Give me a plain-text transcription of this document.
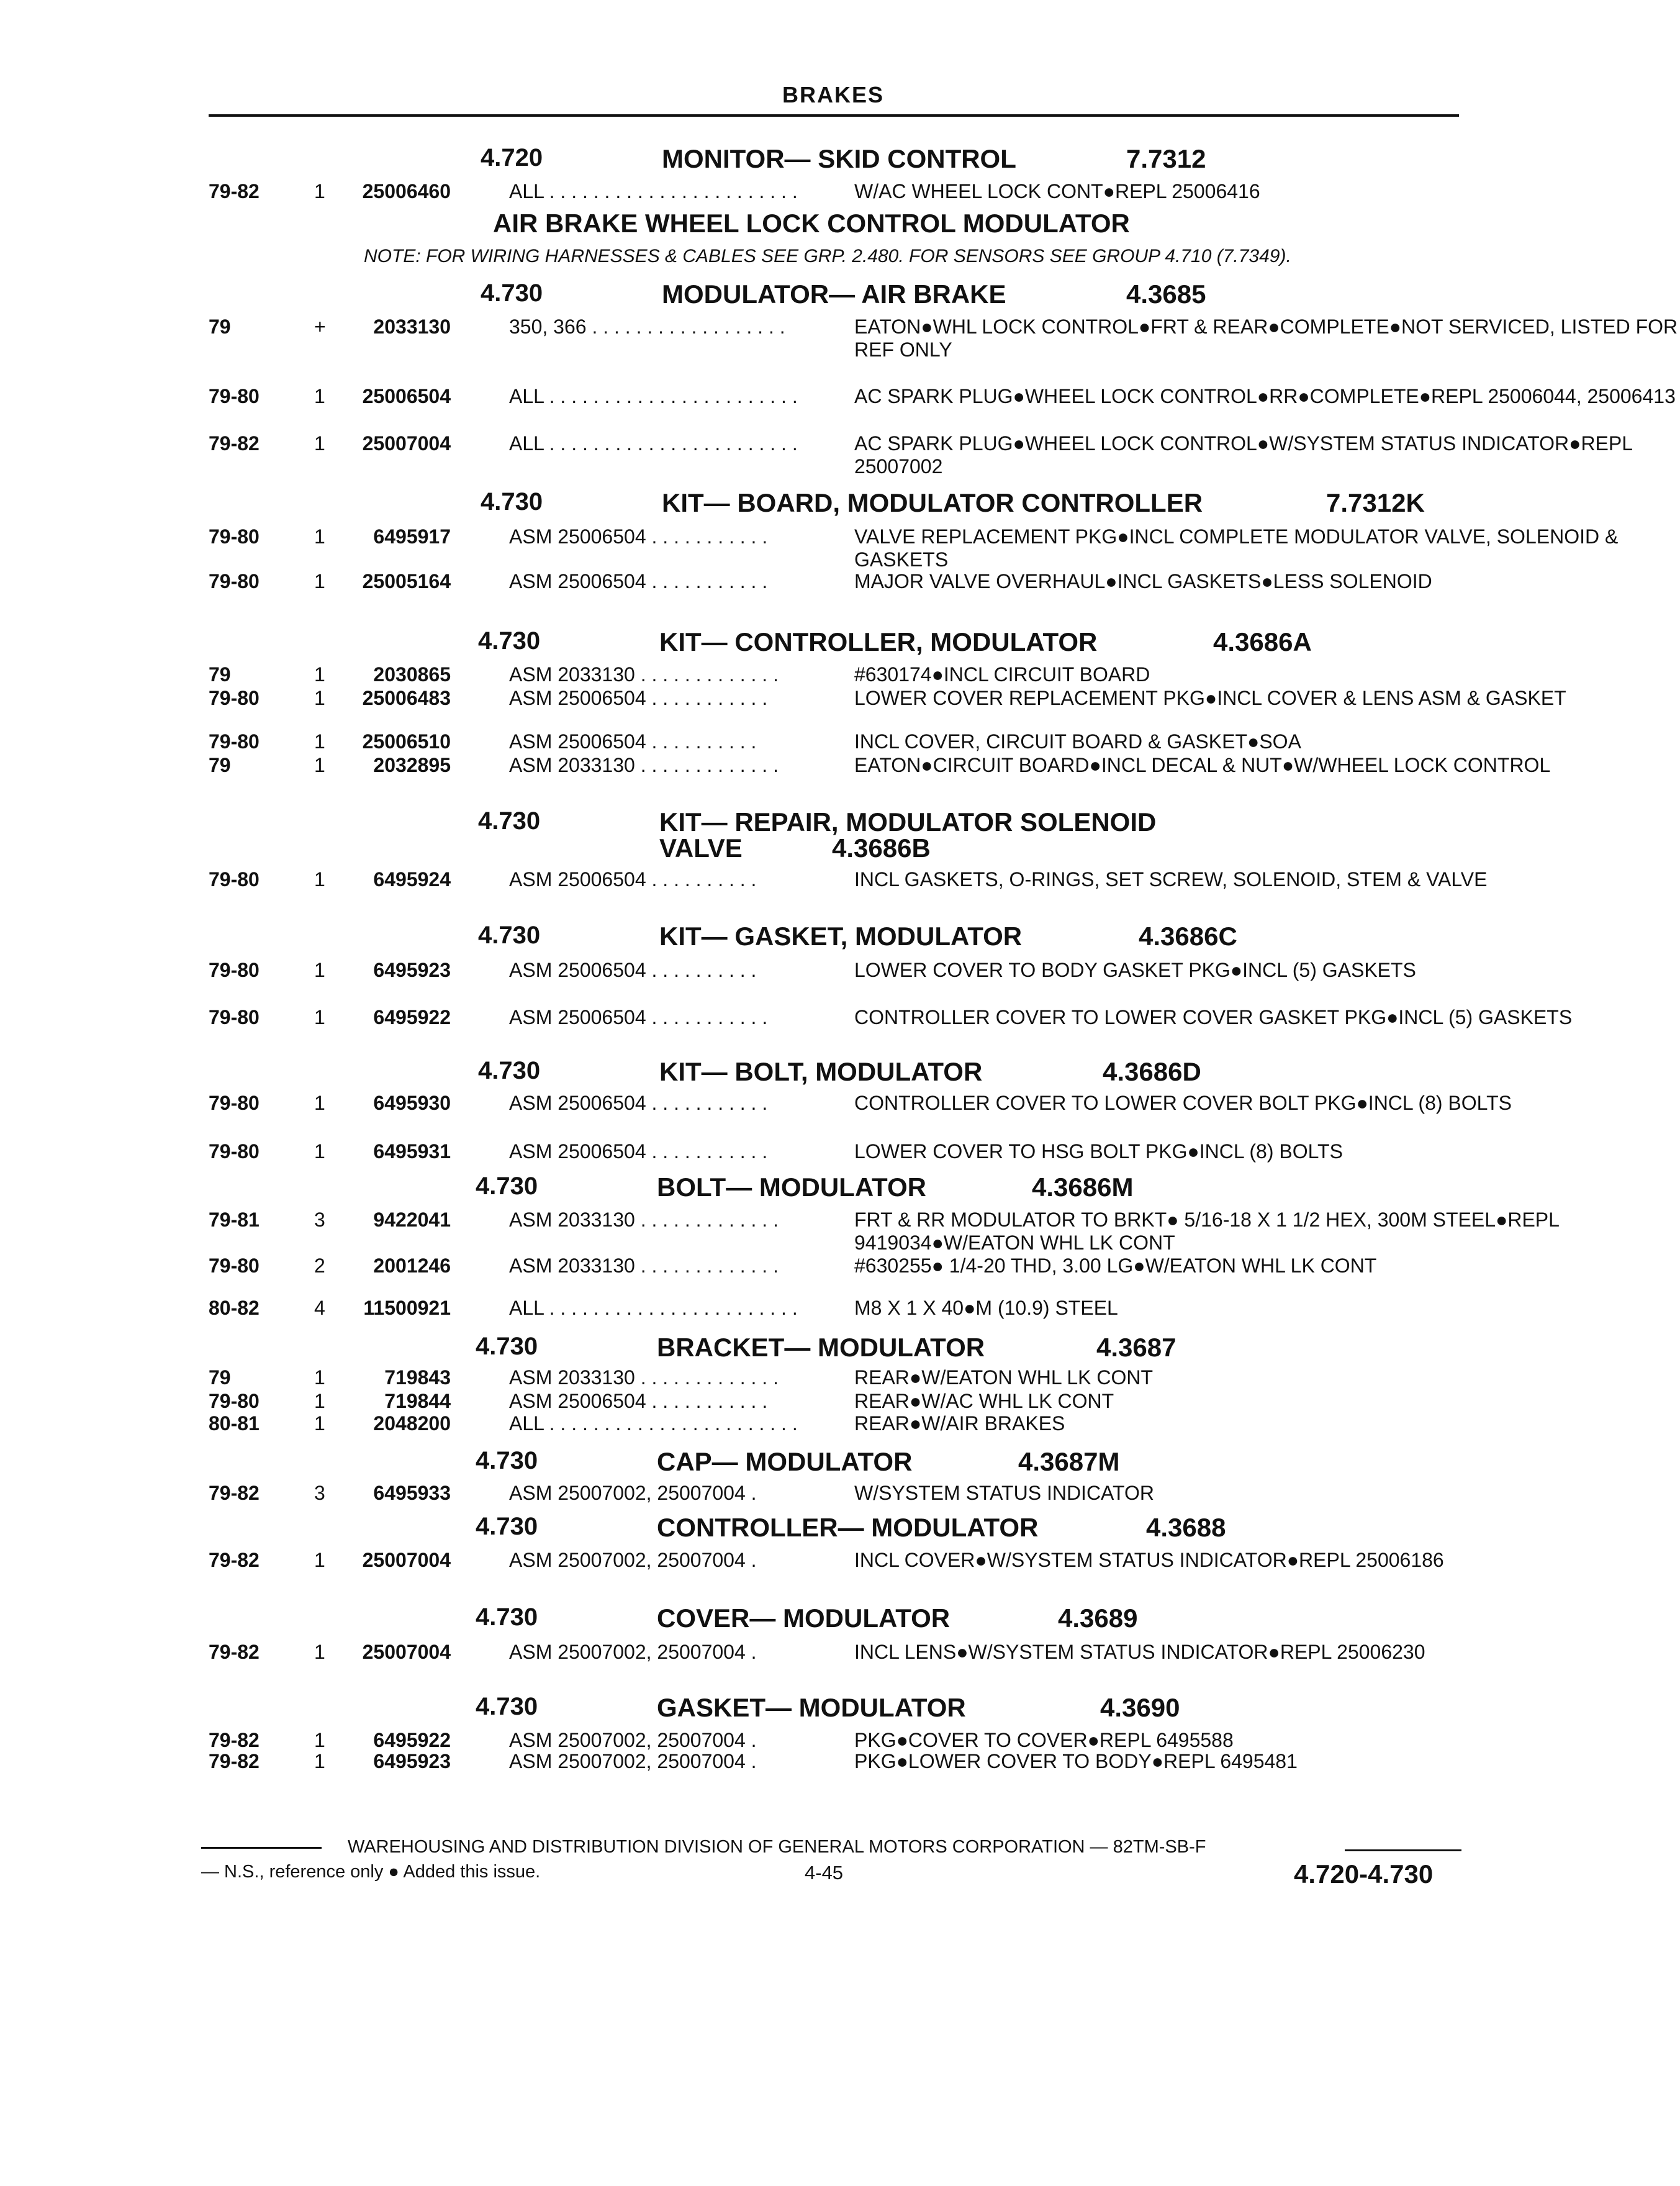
BRAKES
AIR BRAKE WHEEL LOCK CONTROL MODULATOR
NOTE: FOR WIRING HARNESSES & CABLES SEE GRP. 2.480. FOR SENSORS SEE GROUP 4.710 (7.7349).
4.720	MONITOR— SKID CONTROL	7.7312
79-82	1	25006460	ALL . . . . . . . . . . . . . . . . . . . . . . .	W/AC WHEEL LOCK CONT●REPL 25006416
4.730	MODULATOR— AIR BRAKE	4.3685
79	+	2033130	350, 366 . . . . . . . . . . . . . . . . . .	EATON●WHL LOCK CONTROL●FRT & REAR●COMPLETE●NOT SERVICED, LISTED FOR REF ONLY
79-80	1	25006504	ALL . . . . . . . . . . . . . . . . . . . . . . .	AC SPARK PLUG●WHEEL LOCK CONTROL●RR●COMPLETE●REPL 25006044, 25006413
79-82	1	25007004	ALL . . . . . . . . . . . . . . . . . . . . . . .	AC SPARK PLUG●WHEEL LOCK CONTROL●W/SYSTEM STATUS INDICATOR●REPL 25007002
4.730	KIT— BOARD, MODULATOR CONTROLLER	7.7312K
79-80	1	6495917	ASM 25006504 . . . . . . . . . . .	VALVE REPLACEMENT PKG●INCL COMPLETE MODULATOR VALVE, SOLENOID & GASKETS
79-80	1	25005164	ASM 25006504 . . . . . . . . . . .	MAJOR VALVE OVERHAUL●INCL GASKETS●LESS SOLENOID
4.730	KIT— CONTROLLER, MODULATOR	4.3686A
79	1	2030865	ASM 2033130 . . . . . . . . . . . . .	#630174●INCL CIRCUIT BOARD
79-80	1	25006483	ASM 25006504 . . . . . . . . . . .	LOWER COVER REPLACEMENT PKG●INCL COVER & LENS ASM & GASKET
79-80	1	25006510	ASM 25006504 . . . . . . . . . .	INCL COVER, CIRCUIT BOARD & GASKET●SOA
79	1	2032895	ASM 2033130 . . . . . . . . . . . . .	EATON●CIRCUIT BOARD●INCL DECAL & NUT●W/WHEEL LOCK CONTROL
4.730	KIT— REPAIR, MODULATOR SOLENOID
VALVE	4.3686B
79-80	1	6495924	ASM 25006504 . . . . . . . . . .	INCL GASKETS, O-RINGS, SET SCREW, SOLENOID, STEM & VALVE
4.730	KIT— GASKET, MODULATOR	4.3686C
79-80	1	6495923	ASM 25006504 . . . . . . . . . .	LOWER COVER TO BODY GASKET PKG●INCL (5) GASKETS
79-80	1	6495922	ASM 25006504 . . . . . . . . . . .	CONTROLLER COVER TO LOWER COVER GASKET PKG●INCL (5) GASKETS
4.730	KIT— BOLT, MODULATOR	4.3686D
79-80	1	6495930	ASM 25006504 . . . . . . . . . . .	CONTROLLER COVER TO LOWER COVER BOLT PKG●INCL (8) BOLTS
79-80	1	6495931	ASM 25006504 . . . . . . . . . . .	LOWER COVER TO HSG BOLT PKG●INCL (8) BOLTS
4.730	BOLT— MODULATOR	4.3686M
79-81	3	9422041	ASM 2033130 . . . . . . . . . . . . .	FRT & RR MODULATOR TO BRKT● 5/16-18 X 1 1/2 HEX, 300M STEEL●REPL 9419034●W/EATON WHL LK CONT
79-80	2	2001246	ASM 2033130 . . . . . . . . . . . . .	#630255● 1/4-20 THD, 3.00 LG●W/EATON WHL LK CONT
80-82	4	11500921	ALL . . . . . . . . . . . . . . . . . . . . . . .	M8 X 1 X 40●M (10.9) STEEL
4.730	BRACKET— MODULATOR	4.3687
79	1	719843	ASM 2033130 . . . . . . . . . . . . .	REAR●W/EATON WHL LK CONT
79-80	1	719844	ASM 25006504 . . . . . . . . . . .	REAR●W/AC WHL LK CONT
80-81	1	2048200	ALL . . . . . . . . . . . . . . . . . . . . . . .	REAR●W/AIR BRAKES
4.730	CAP— MODULATOR	4.3687M
79-82	3	6495933	ASM 25007002, 25007004 .	W/SYSTEM STATUS INDICATOR
4.730	CONTROLLER— MODULATOR	4.3688
79-82	1	25007004	ASM 25007002, 25007004 .	INCL COVER●W/SYSTEM STATUS INDICATOR●REPL 25006186
4.730	COVER— MODULATOR	4.3689
79-82	1	25007004	ASM 25007002, 25007004 .	INCL LENS●W/SYSTEM STATUS INDICATOR●REPL 25006230
4.730	GASKET— MODULATOR	4.3690
79-82	1	6495922	ASM 25007002, 25007004 .	PKG●COVER TO COVER●REPL 6495588
79-82	1	6495923	ASM 25007002, 25007004 .	PKG●LOWER COVER TO BODY●REPL 6495481
WAREHOUSING AND DISTRIBUTION DIVISION OF GENERAL MOTORS CORPORATION — 82TM-SB-F
— N.S., reference only ● Added this issue.	4-45	4.720-4.730
